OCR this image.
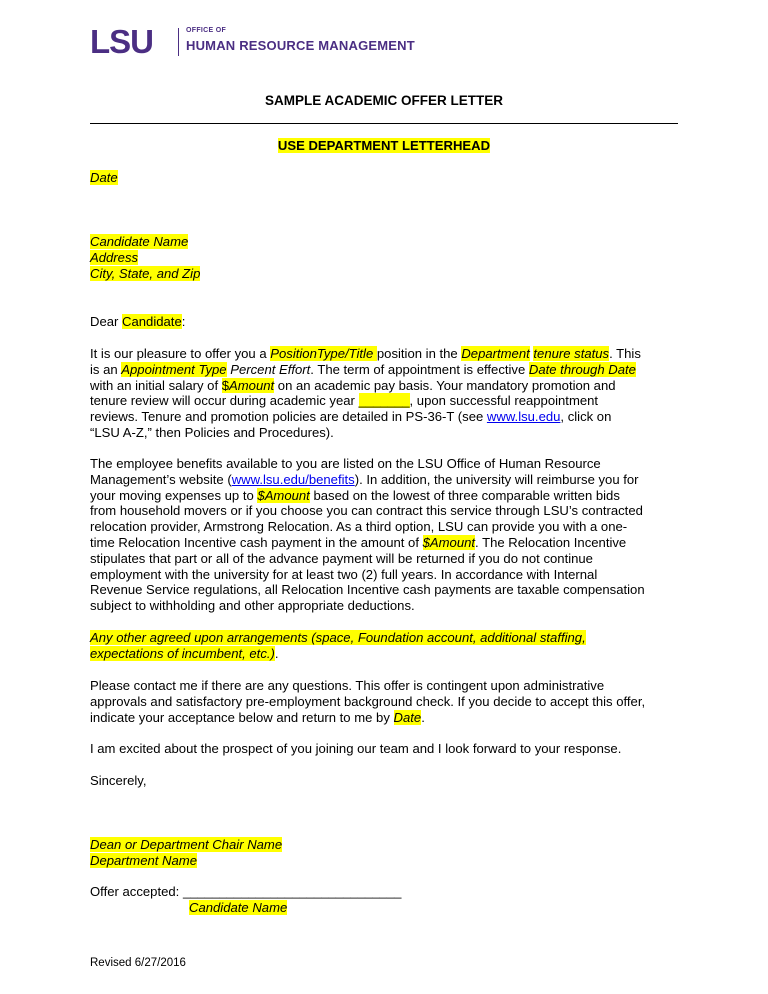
LSU	OFFICE OF
HUMAN RESOURCE MANAGEMENT
SAMPLE ACADEMIC OFFER LETTER
USE DEPARTMENT LETTERHEAD
Date
Candidate Name
Address
City, State, and Zip
Dear Candidate:
It is our pleasure to offer you a PositionType/Title position in the Department tenure status. This
is an Appointment Type Percent Effort. The term of appointment is effective Date through Date
with an initial salary of $Amount on an academic pay basis. Your mandatory promotion and
tenure review will occur during academic year _______, upon successful reappointment
reviews. Tenure and promotion policies are detailed in PS-36-T (see www.lsu.edu, click on
“LSU A-Z,” then Policies and Procedures).
The employee benefits available to you are listed on the LSU Office of Human Resource
Management’s website (www.lsu.edu/benefits). In addition, the university will reimburse you for
your moving expenses up to $Amount based on the lowest of three comparable written bids
from household movers or if you choose you can contract this service through LSU’s contracted
relocation provider, Armstrong Relocation. As a third option, LSU can provide you with a one-
time Relocation Incentive cash payment in the amount of $Amount. The Relocation Incentive
stipulates that part or all of the advance payment will be returned if you do not continue
employment with the university for at least two (2) full years. In accordance with Internal
Revenue Service regulations, all Relocation Incentive cash payments are taxable compensation
subject to withholding and other appropriate deductions.
Any other agreed upon arrangements (space, Foundation account, additional staffing,
expectations of incumbent, etc.).
Please contact me if there are any questions. This offer is contingent upon administrative
approvals and satisfactory pre-employment background check. If you decide to accept this offer,
indicate your acceptance below and return to me by Date.
I am excited about the prospect of you joining our team and I look forward to your response.
Sincerely,
Dean or Department Chair Name
Department Name
Offer accepted: ______________________________
Candidate Name
Revised 6/27/2016
